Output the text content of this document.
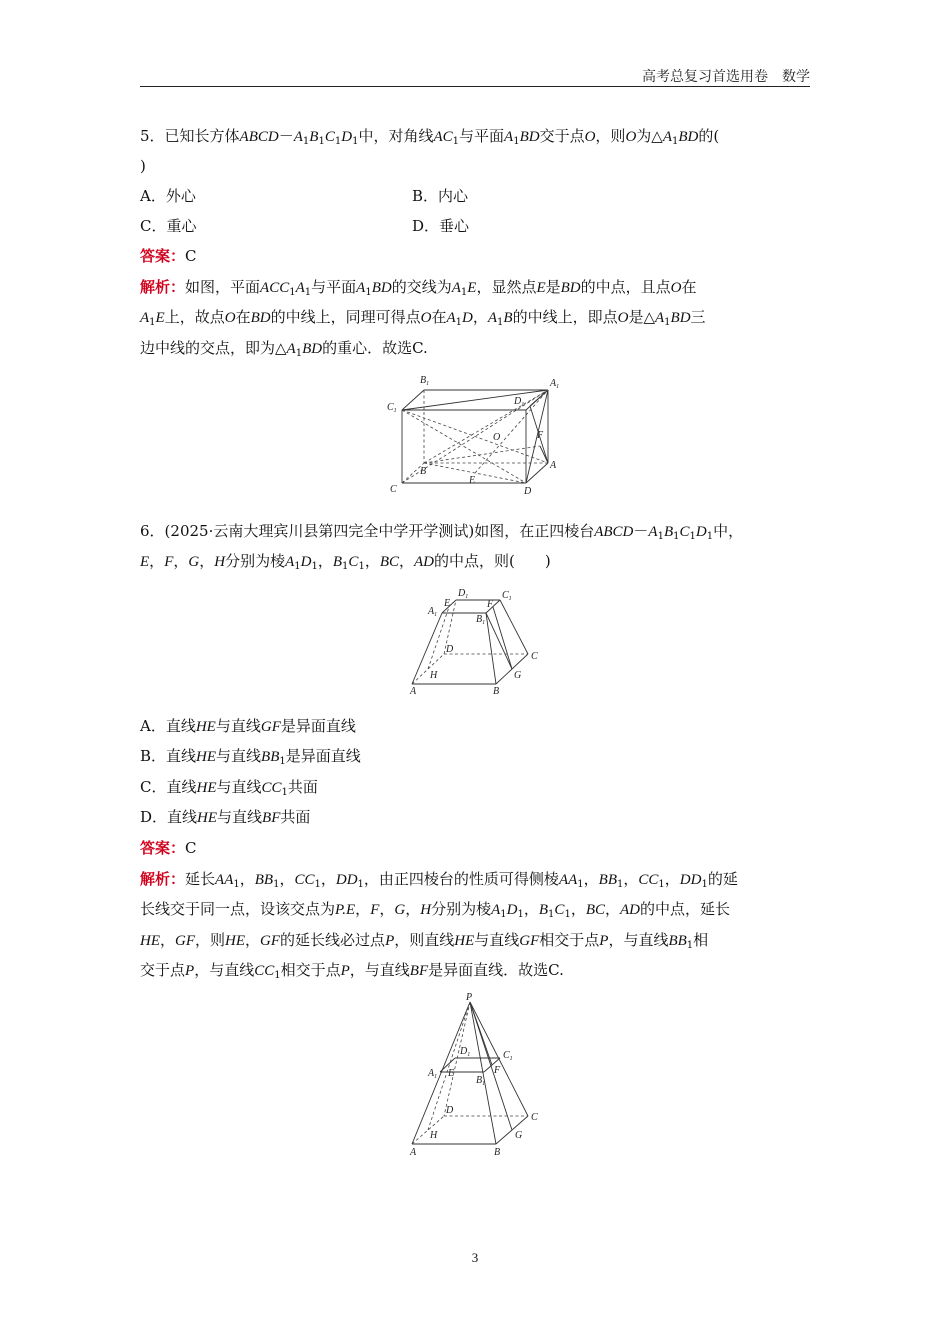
高考总复习首选用卷　数学
5．已知长方体$ABCD-A_1B_1C_1D_1$中，对角线$AC_1$与平面$A_1BD$交于点O，则O为$\triangle A_1BD$的(
)
A．外心	B．内心
C．重心	D．垂心
答案：C
解析：如图，平面$ACC_1A_1$与平面$A_1BD$的交线为$A_1E$，显然点E是BD的中点，且点O在
$A_1E$上，故点O在BD的中线上，同理可得点O在$A_1D$，$A_1B$的中线上，即点O是$\triangle A_1BD$三
边中线的交点，即为$\triangle A_1BD$的重心．故选C.
$B_1$	$A_1$
$C_1$
$D_1$
O	F
B
A
E
C	D
6．(2025·云南大理宾川县第四完全中学开学测试)如图，在正四棱台$ABCD-A_1B_1C_1D_1$中，
E，F，G，H分别为棱$A_1D_1$，$B_1C_1$，BC，AD的中点，则(　　)
$D_1$	$C_1$
E	F
$A_1$	$B_1$
D
C
H	G
A	B
A．直线HE与直线GF是异面直线
B．直线HE与直线$BB_1$是异面直线
C．直线HE与直线$CC_1$共面
D．直线HE与直线BF共面
答案：C
解析：延长$AA_1$，$BB_1$，$CC_1$，$DD_1$，由正四棱台的性质可得侧棱$AA_1$，$BB_1$，$CC_1$，$DD_1$的延
长线交于同一点，设该交点为P.E，F，G，H分别为棱$A_1D_1$，$B_1C_1$，BC，AD的中点，延长
HE，GF，则HE，GF的延长线必过点P，则直线HE与直线GF相交于点P，与直线$BB_1$相
交于点P，与直线$CC_1$相交于点P，与直线BF是异面直线．故选C.
P
$D_1$	$C_1$
$A_1$ E	F
$B_1$
D
C
H	G
A	B
3
